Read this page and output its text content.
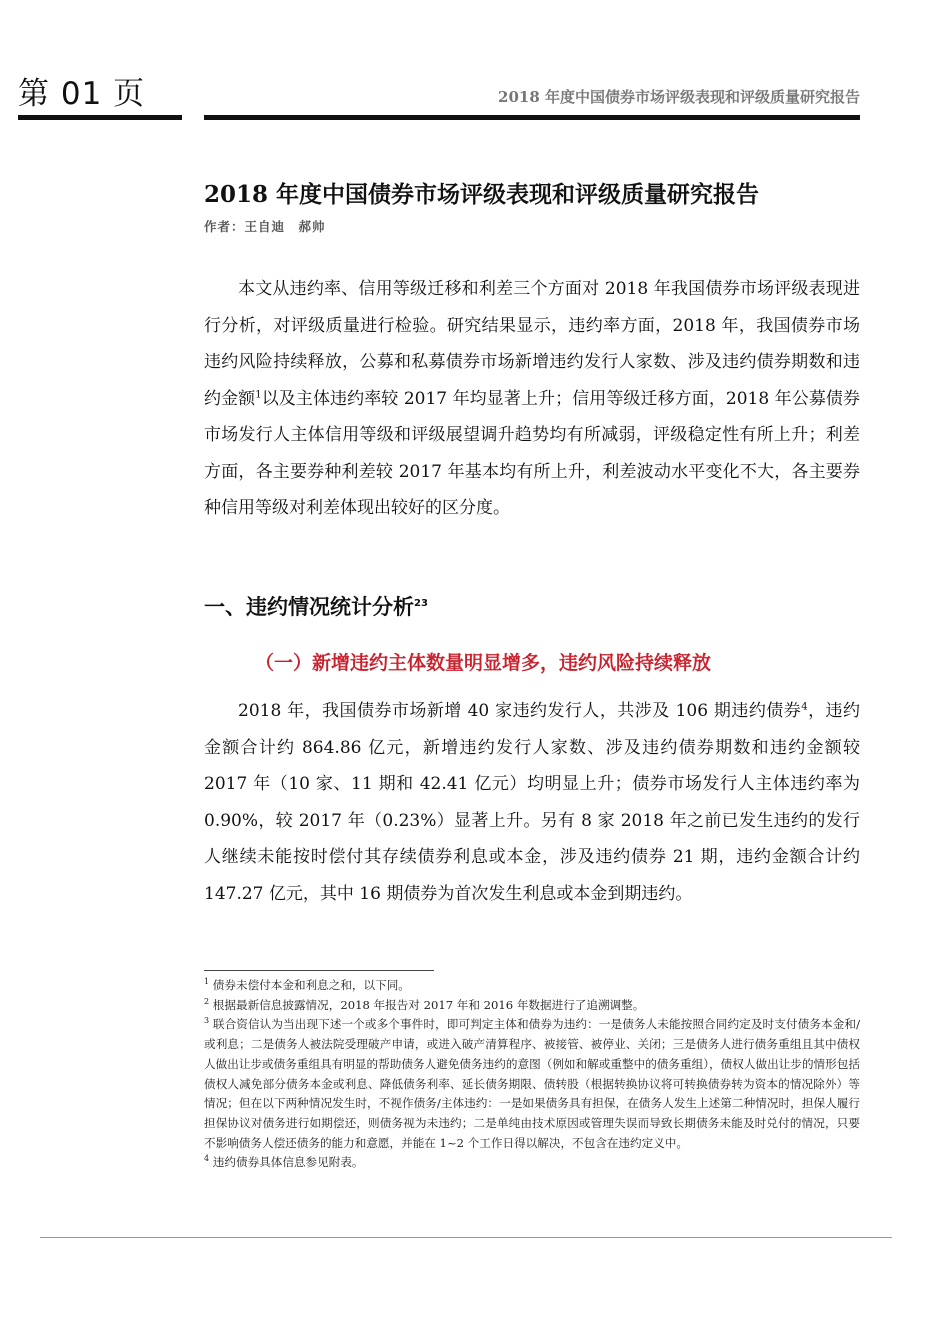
第 01 页	2018 年度中国债券市场评级表现和评级质量研究报告
2018 年度中国债券市场评级表现和评级质量研究报告
作者：王自迪　郝帅

本文从违约率、信用等级迁移和利差三个方面对 2018 年我国债券市场评级表现进行分析，对评级质量进行检验。研究结果显示，违约率方面，2018 年，我国债券市场违约风险持续释放，公募和私募债券市场新增违约发行人家数、涉及违约债券期数和违约金额$^1$以及主体违约率较 2017 年均显著上升；信用等级迁移方面，2018 年公募债券市场发行人主体信用等级和评级展望调升趋势均有所减弱，评级稳定性有所上升；利差方面，各主要券种利差较 2017 年基本均有所上升，利差波动水平变化不大，各主要券种信用等级对利差体现出较好的区分度。

一、违约情况统计分析$^{23}$
（一）新增违约主体数量明显增多，违约风险持续释放

2018 年，我国债券市场新增 40 家违约发行人，共涉及 106 期违约债券$^4$，违约金额合计约 864.86 亿元，新增违约发行人家数、涉及违约债券期数和违约金额较 2017 年（10 家、11 期和 42.41 亿元）均明显上升；债券市场发行人主体违约率为 0.90%，较 2017 年（0.23%）显著上升。另有 8 家 2018 年之前已发生违约的发行人继续未能按时偿付其存续债券利息或本金，涉及违约债券 21 期，违约金额合计约 147.27 亿元，其中 16 期债券为首次发生利息或本金到期违约。

$^1$ 债券未偿付本金和利息之和，以下同。

$^2$ 根据最新信息披露情况，2018 年报告对 2017 年和 2016 年数据进行了追溯调整。

$^3$ 联合资信认为当出现下述一个或多个事件时，即可判定主体和债券为违约：一是债务人未能按照合同约定及时支付债务本金和/或利息；二是债务人被法院受理破产申请，或进入破产清算程序、被接管、被停业、关闭；三是债务人进行债务重组且其中债权人做出让步或债务重组具有明显的帮助债务人避免债务违约的意图（例如和解或重整中的债务重组），债权人做出让步的情形包括债权人减免部分债务本金或利息、降低债务利率、延长债务期限、债转股（根据转换协议将可转换债券转为资本的情况除外）等情况；但在以下两种情况发生时，不视作债务/主体违约：一是如果债务具有担保，在债务人发生上述第二种情况时，担保人履行担保协议对债务进行如期偿还，则债务视为未违约；二是单纯由技术原因或管理失误而导致长期债务未能及时兑付的情况，只要不影响债务人偿还债务的能力和意愿，并能在 1~2 个工作日得以解决，不包含在违约定义中。

$^4$ 违约债券具体信息参见附表。
